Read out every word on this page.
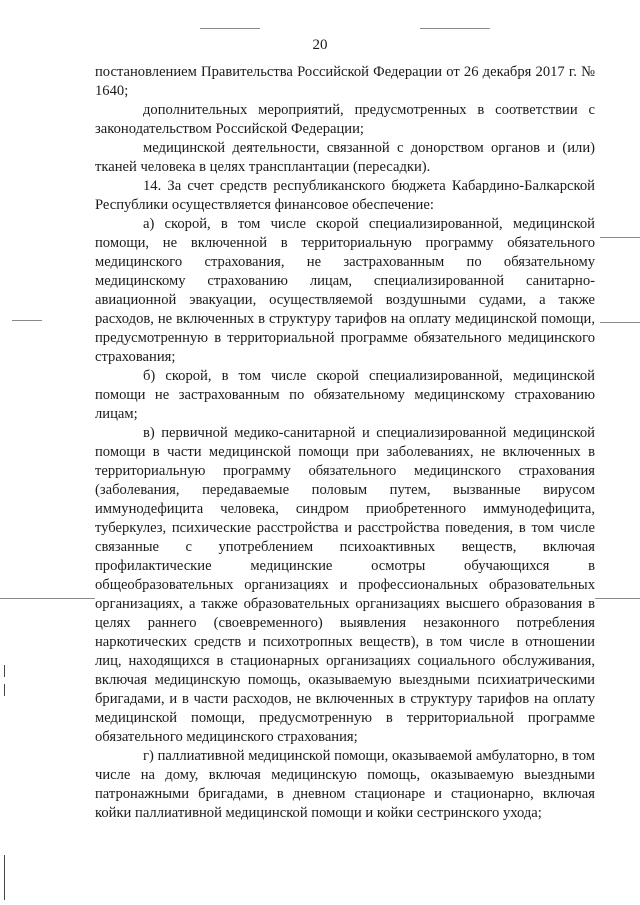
20

постановлением Правительства Российской Федерации от 26 декабря 2017 г. № 1640;

дополнительных мероприятий, предусмотренных в соответствии с законодательством Российской Федерации;

медицинской деятельности, связанной с донорством органов и (или) тканей человека в целях трансплантации (пересадки).

14. За счет средств республиканского бюджета Кабардино-Балкарской Республики осуществляется финансовое обеспечение:

а) скорой, в том числе скорой специализированной, медицинской помощи, не включенной в территориальную программу обязательного медицинского страхования, не застрахованным по обязательному медицинскому страхованию лицам, специализированной санитарно-авиационной эвакуации, осуществляемой воздушными судами, а также расходов, не включенных в структуру тарифов на оплату медицинской помощи, предусмотренную в территориальной программе обязательного медицинского страхования;

б) скорой, в том числе скорой специализированной, медицинской помощи не застрахованным по обязательному медицинскому страхованию лицам;

в) первичной медико-санитарной и специализированной медицинской помощи в части медицинской помощи при заболеваниях, не включенных в территориальную программу обязательного медицинского страхования (заболевания, передаваемые половым путем, вызванные вирусом иммунодефицита человека, синдром приобретенного иммунодефицита, туберкулез, психические расстройства и расстройства поведения, в том числе связанные с употреблением психоактивных веществ, включая профилактические медицинские осмотры обучающихся в общеобразовательных организациях и профессиональных образовательных организациях, а также образовательных организациях высшего образования в целях раннего (своевременного) выявления незаконного потребления наркотических средств и психотропных веществ), в том числе в отношении лиц, находящихся в стационарных организациях социального обслуживания, включая медицинскую помощь, оказываемую выездными психиатрическими бригадами, и в части расходов, не включенных в структуру тарифов на оплату медицинской помощи, предусмотренную в территориальной программе обязательного медицинского страхования;

г) паллиативной медицинской помощи, оказываемой амбулаторно, в том числе на дому, включая медицинскую помощь, оказываемую выездными патронажными бригадами, в дневном стационаре и стационарно, включая койки паллиативной медицинской помощи и койки сестринского ухода;
